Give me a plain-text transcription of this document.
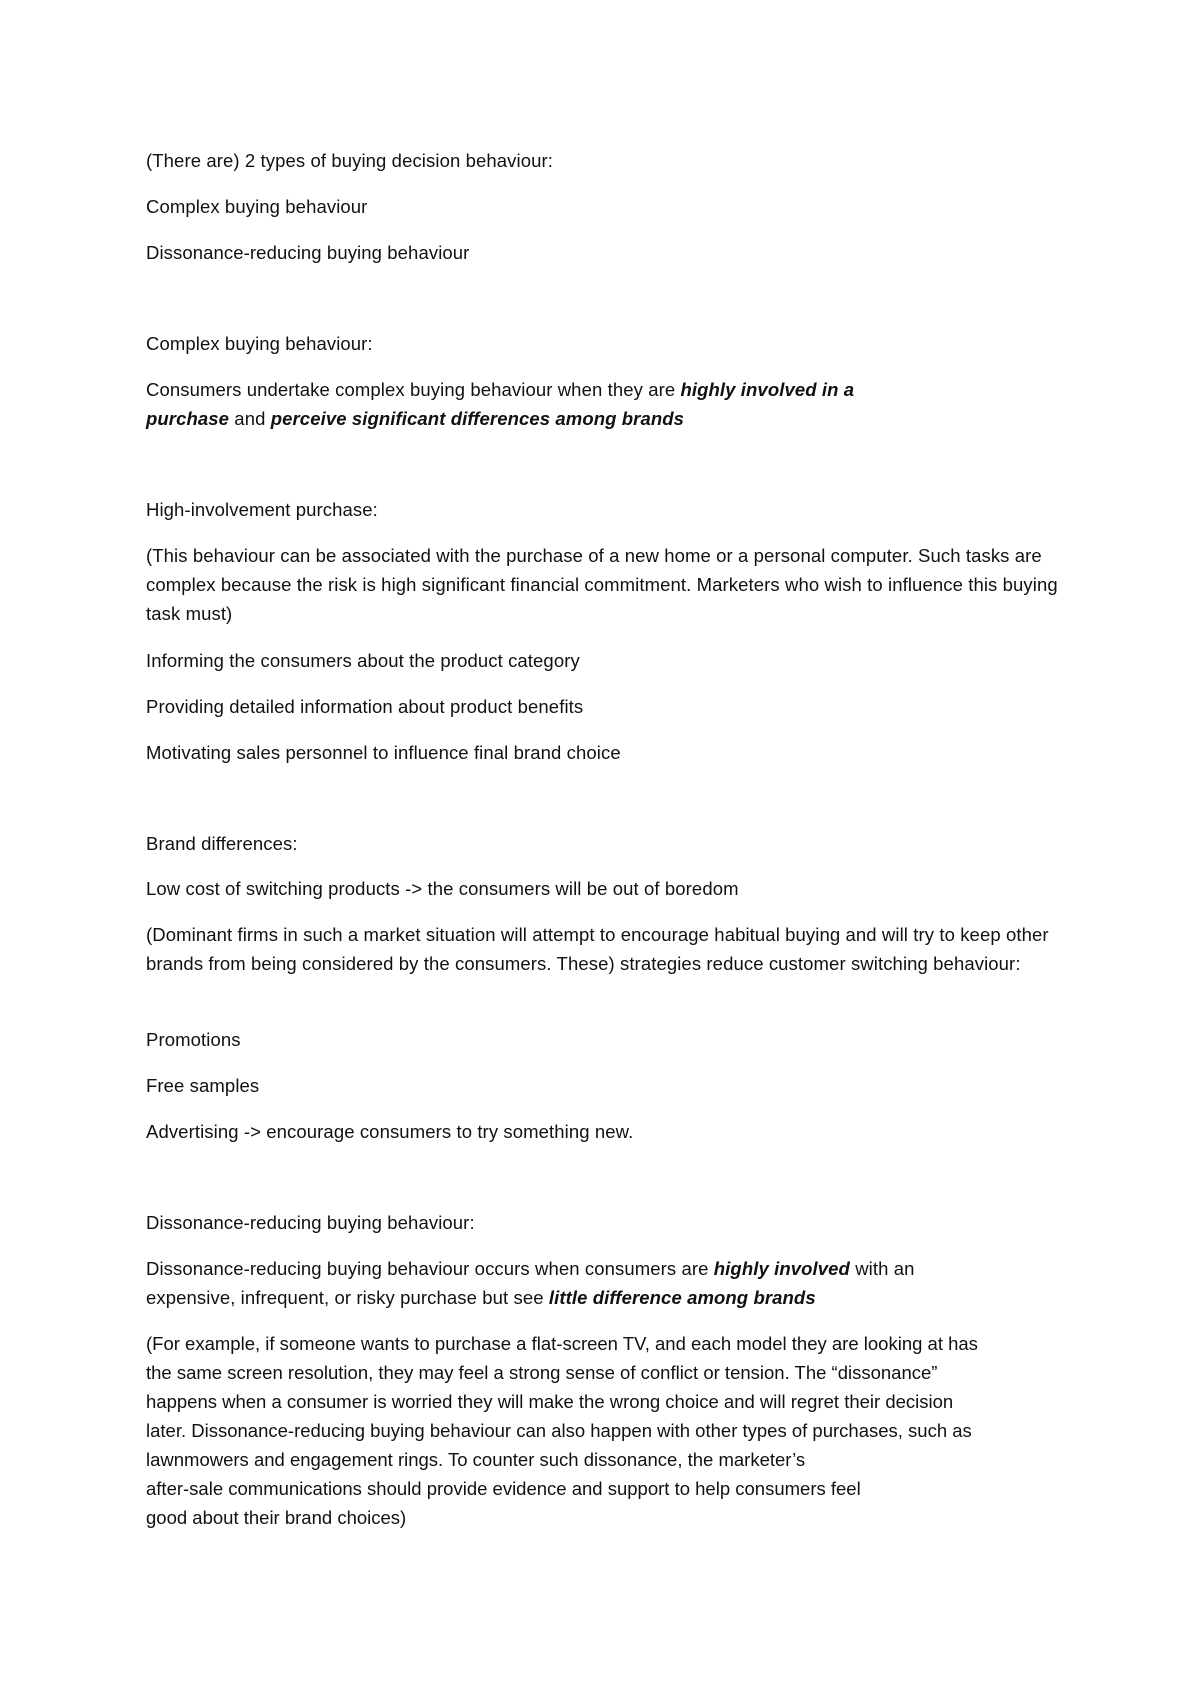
(There are) 2 types of buying decision behaviour:

Complex buying behaviour

Dissonance-reducing buying behaviour

Complex buying behaviour:

Consumers undertake complex buying behaviour when they are highly involved in a purchase and perceive significant differences among brands

High-involvement purchase:

(This behaviour can be associated with the purchase of a new home or a personal computer. Such tasks are complex because the risk is high significant financial commitment. Marketers who wish to influence this buying task must)

Informing the consumers about the product category

Providing detailed information about product benefits

Motivating sales personnel to influence final brand choice

Brand differences:

Low cost of switching products -> the consumers will be out of boredom

(Dominant firms in such a market situation will attempt to encourage habitual buying and will try to keep other brands from being considered by the consumers. These) strategies reduce customer switching behaviour:

Promotions

Free samples

Advertising -> encourage consumers to try something new.

Dissonance-reducing buying behaviour:

Dissonance-reducing buying behaviour occurs when consumers are highly involved with an expensive, infrequent, or risky purchase but see little difference among brands

(For example, if someone wants to purchase a flat-screen TV, and each model they are looking at has
the same screen resolution, they may feel a strong sense of conflict or tension. The “dissonance”
happens when a consumer is worried they will make the wrong choice and will regret their decision
later. Dissonance-reducing buying behaviour can also happen with other types of purchases, such as
lawnmowers and engagement rings. To counter such dissonance, the marketer’s
after-sale communications should provide evidence and support to help consumers feel
good about their brand choices)
